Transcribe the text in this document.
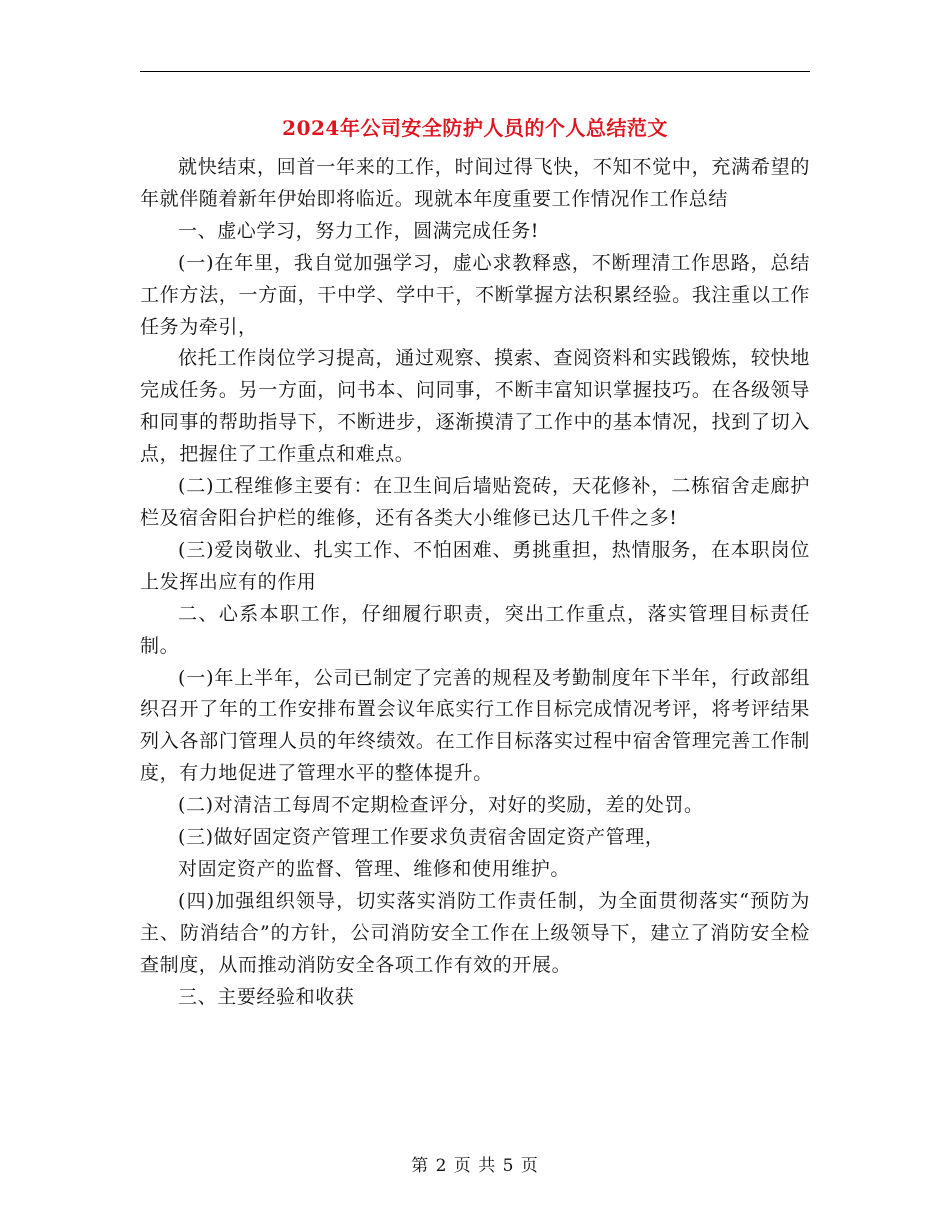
2024年公司安全防护人员的个人总结范文

就快结束，回首一年来的工作，时间过得飞快，不知不觉中，充满希望的年就伴随着新年伊始即将临近。现就本年度重要工作情况作工作总结

一、虚心学习，努力工作，圆满完成任务!

(一)在年里，我自觉加强学习，虚心求教释惑，不断理清工作思路，总结工作方法，一方面，干中学、学中干，不断掌握方法积累经验。我注重以工作任务为牵引，

依托工作岗位学习提高，通过观察、摸索、查阅资料和实践锻炼，较快地完成任务。另一方面，问书本、问同事，不断丰富知识掌握技巧。在各级领导和同事的帮助指导下，不断进步，逐渐摸清了工作中的基本情况，找到了切入点，把握住了工作重点和难点。

(二)工程维修主要有：在卫生间后墙贴瓷砖，天花修补，二栋宿舍走廊护栏及宿舍阳台护栏的维修，还有各类大小维修已达几千件之多!

(三)爱岗敬业、扎实工作、不怕困难、勇挑重担，热情服务，在本职岗位上发挥出应有的作用

二、心系本职工作，仔细履行职责，突出工作重点，落实管理目标责任制。

(一)年上半年，公司已制定了完善的规程及考勤制度年下半年，行政部组织召开了年的工作安排布置会议年底实行工作目标完成情况考评，将考评结果列入各部门管理人员的年终绩效。在工作目标落实过程中宿舍管理完善工作制度，有力地促进了管理水平的整体提升。

(二)对清洁工每周不定期检查评分，对好的奖励，差的处罚。

(三)做好固定资产管理工作要求负责宿舍固定资产管理，

对固定资产的监督、管理、维修和使用维护。

(四)加强组织领导，切实落实消防工作责任制，为全面贯彻落实“预防为主、防消结合”的方针，公司消防安全工作在上级领导下，建立了消防安全检查制度，从而推动消防安全各项工作有效的开展。

三、主要经验和收获

第 2 页 共 5 页
